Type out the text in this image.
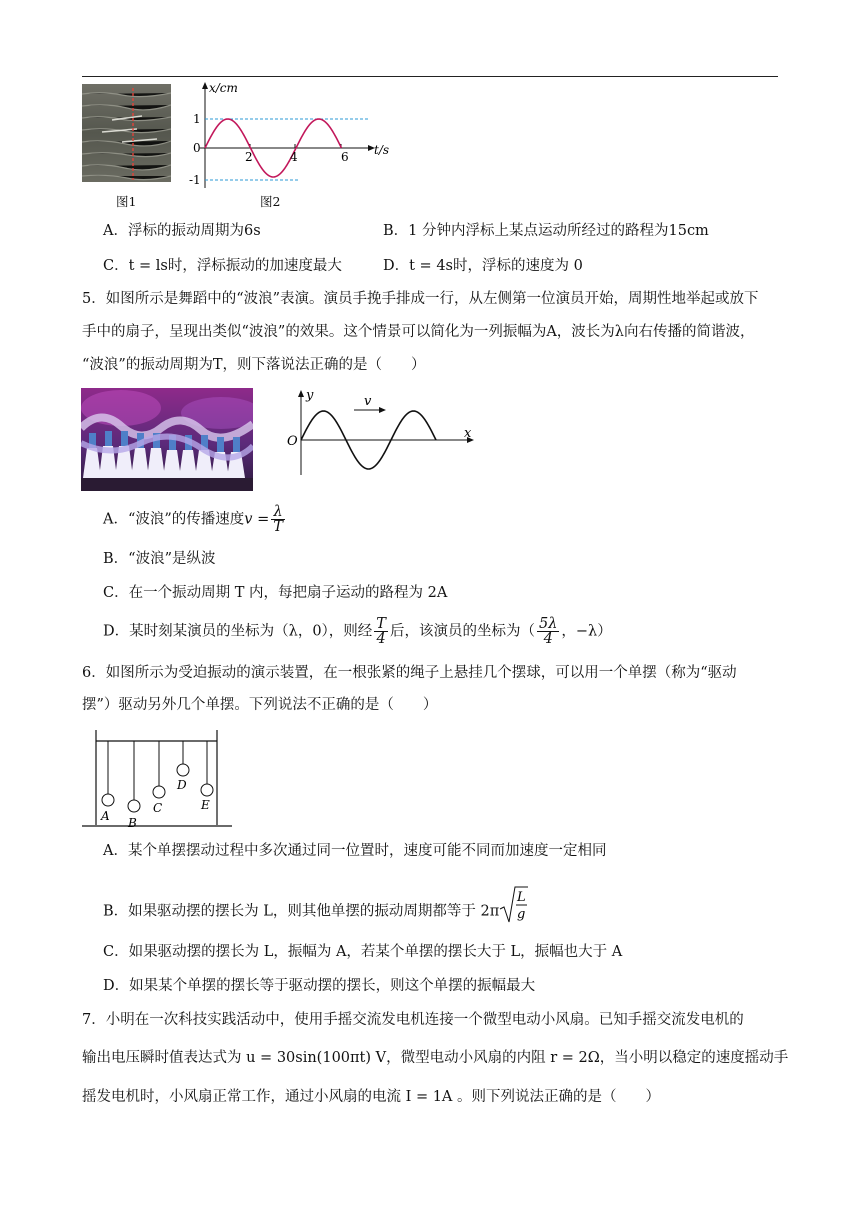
图1
x/cm
t/s
1
0
-1
2	4	6
图2
A．浮标的振动周期为6s	B．1 分钟内浮标上某点运动所经过的路程为15cm
C．t = ls时，浮标振动的加速度最大	D．t = 4s时，浮标的速度为 0
5．如图所示是舞蹈中的“波浪”表演。演员手挽手排成一行，从左侧第一位演员开始，周期性地举起或放下
手中的扇子，呈现出类似“波浪”的效果。这个情景可以简化为一列振幅为A，波长为λ向右传播的简谐波，
“波浪”的振动周期为T，则下落说法正确的是（　　）
y
x
O
v
A．“波浪”的传播速度$v = \frac{\lambda}{T}$
B．“波浪”是纵波
C．在一个振动周期 T 内，每把扇子运动的路程为 2A
D．某时刻某演员的坐标为（λ，0），则经 $\frac{T}{4}$ 后，该演员的坐标为（ $\frac{5\lambda}{4}$ ，−λ）
6．如图所示为受迫振动的演示装置，在一根张紧的绳子上悬挂几个摆球，可以用一个单摆（称为“驱动
摆”）驱动另外几个单摆。下列说法不正确的是（　　）
A B
C
D
E
A．某个单摆摆动过程中多次通过同一位置时，速度可能不同而加速度一定相同
B．如果驱动摆的摆长为 L，则其他单摆的振动周期都等于 2π
L
g
C．如果驱动摆的摆长为 L，振幅为 A，若某个单摆的摆长大于 L，振幅也大于 A
D．如果某个单摆的摆长等于驱动摆的摆长，则这个单摆的振幅最大
7．小明在一次科技实践活动中，使用手摇交流发电机连接一个微型电动小风扇。已知手摇交流发电机的
输出电压瞬时值表达式为 u = 30sin(100πt) V，微型电动小风扇的内阻 r = 2Ω，当小明以稳定的速度摇动手
摇发电机时，小风扇正常工作，通过小风扇的电流 I = 1A 。则下列说法正确的是（　　）
